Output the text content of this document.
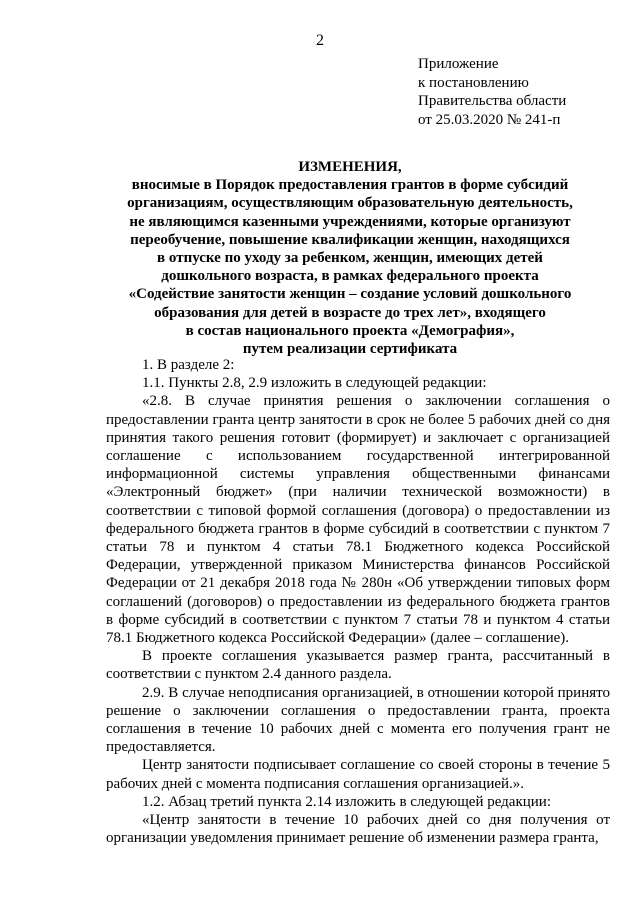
2
Приложение
к постановлению
Правительства области
от 25.03.2020 № 241-п
ИЗМЕНЕНИЯ,
вносимые в Порядок предоставления грантов в форме субсидий
организациям, осуществляющим образовательную деятельность,
не являющимся казенными учреждениями, которые организуют
переобучение, повышение квалификации женщин, находящихся
в отпуске по уходу за ребенком, женщин, имеющих детей
дошкольного возраста, в рамках федерального проекта
«Содействие занятости женщин – создание условий дошкольного
образования для детей в возрасте до трех лет», входящего
в состав национального проекта «Демография»,
путем реализации сертификата

1. В разделе 2:

1.1. Пункты 2.8, 2.9 изложить в следующей редакции:

«2.8. В случае принятия решения о заключении соглашения о предоставлении гранта центр занятости в срок не более 5 рабочих дней со дня принятия такого решения готовит (формирует) и заключает с организацией соглашение с использованием государственной интегрированной информационной системы управления общественными финансами «Электронный бюджет» (при наличии технической возможности) в соответствии с типовой формой соглашения (договора) о предоставлении из федерального бюджета грантов в форме субсидий в соответствии с пунктом 7 статьи 78 и пунктом 4 статьи 78.1 Бюджетного кодекса Российской Федерации, утвержденной приказом Министерства финансов Российской Федерации от 21 декабря 2018 года № 280н «Об утверждении типовых форм соглашений (договоров) о предоставлении из федерального бюджета грантов в форме субсидий в соответствии с пунктом 7 статьи 78 и пунктом 4 статьи 78.1 Бюджетного кодекса Российской Федерации» (далее – соглашение).

В проекте соглашения указывается размер гранта, рассчитанный в соответствии с пунктом 2.4 данного раздела.

2.9. В случае неподписания организацией, в отношении которой принято решение о заключении соглашения о предоставлении гранта, проекта соглашения в течение 10 рабочих дней с момента его получения грант не предоставляется.

Центр занятости подписывает соглашение со своей стороны в течение 5 рабочих дней с момента подписания соглашения организацией.».

1.2. Абзац третий пункта 2.14 изложить в следующей редакции:

«Центр занятости в течение 10 рабочих дней со дня получения от организации уведомления принимает решение об изменении размера гранта,
